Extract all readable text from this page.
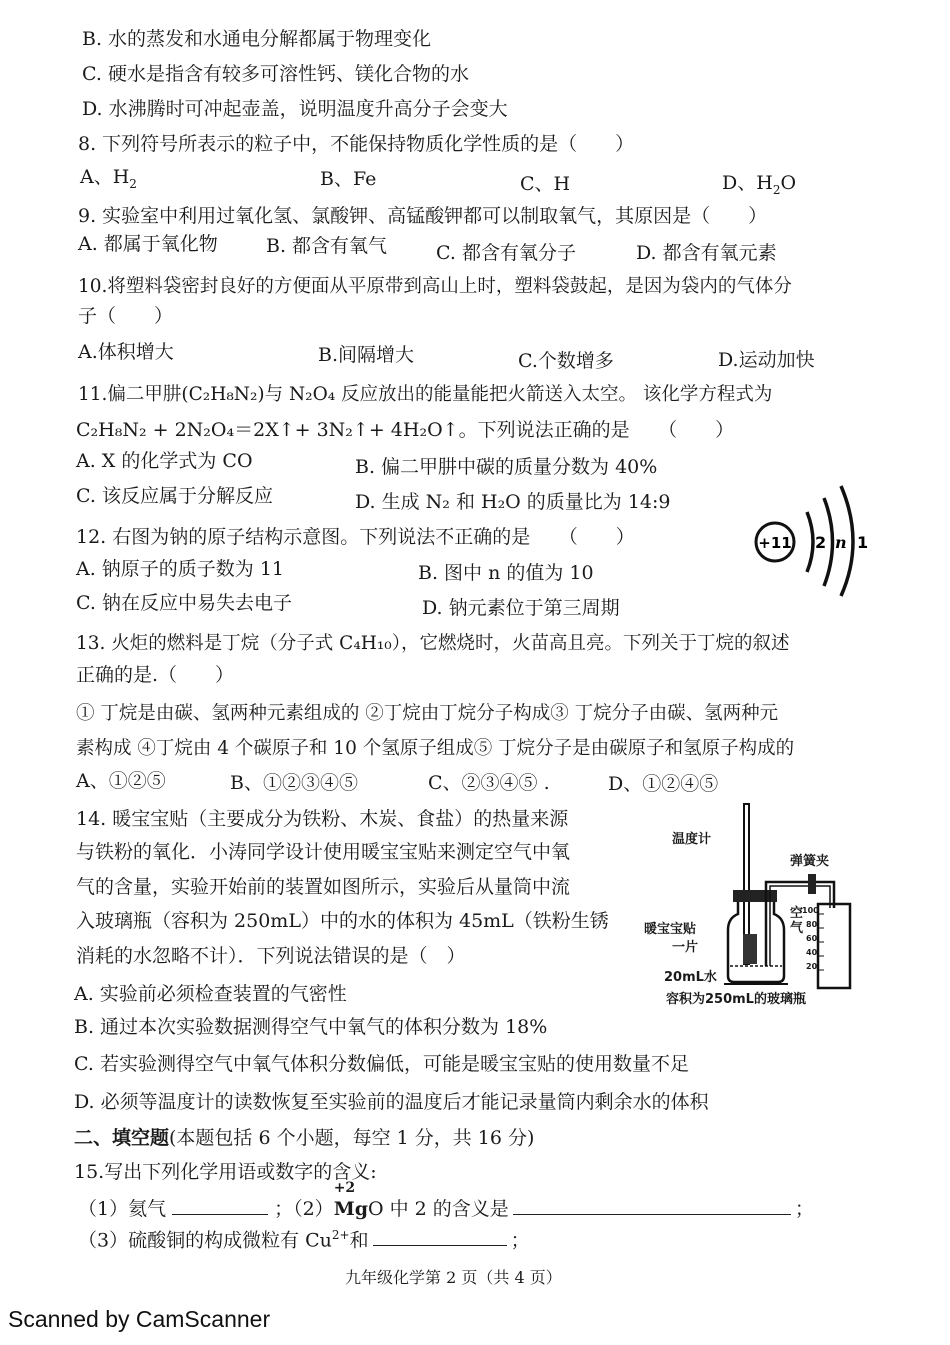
B. 水的蒸发和水通电分解都属于物理变化
C. 硬水是指含有较多可溶性钙、镁化合物的水
D. 水沸腾时可冲起壶盖，说明温度升高分子会变大
8. 下列符号所表示的粒子中，不能保持物质化学性质的是（　　）
A、$H_2$	B、Fe	C、H	D、$H_2O$
9. 实验室中利用过氧化氢、氯酸钾、高锰酸钾都可以制取氧气，其原因是（　　）
A. 都属于氧化物	B. 都含有氧气	C. 都含有氧分子	D. 都含有氧元素
10.将塑料袋密封良好的方便面从平原带到高山上时，塑料袋鼓起，是因为袋内的气体分
子（　　）
A.体积增大	B.间隔增大	C.个数增多	D.运动加快
11.偏二甲肼(C₂H₈N₂)与 N₂O₄ 反应放出的能量能把火箭送入太空。 该化学方程式为
C₂H₈N₂ + 2N₂O₄＝2X↑+ 3N₂↑+ 4H₂O↑。下列说法正确的是　　（　　）
A. X 的化学式为 CO	B. 偏二甲肼中碳的质量分数为 40%
C. 该反应属于分解反应	D. 生成 N₂ 和 H₂O 的质量比为 14:9
12. 右图为钠的原子结构示意图。下列说法不正确的是　　（　　）
A. 钠原子的质子数为 11	B. 图中 n 的值为 10
C. 钠在反应中易失去电子	D. 钠元素位于第三周期
+11 2 n 1
13. 火炬的燃料是丁烷（分子式 C₄H₁₀），它燃烧时，火苗高且亮。下列关于丁烷的叙述
正确的是.（　　）
① 丁烷是由碳、氢两种元素组成的 ②丁烷由丁烷分子构成③ 丁烷分子由碳、氢两种元
素构成 ④丁烷由 4 个碳原子和 10 个氢原子组成⑤ 丁烷分子是由碳原子和氢原子构成的
A、①②⑤	B、①②③④⑤	C、②③④⑤ .	D、①②④⑤
14. 暖宝宝贴（主要成分为铁粉、木炭、食盐）的热量来源
与铁粉的氧化．小涛同学设计使用暖宝宝贴来测定空气中氧
气的含量，实验开始前的装置如图所示，实验后从量筒中流
入玻璃瓶（容积为 250mL）中的水的体积为 45mL（铁粉生锈
消耗的水忽略不计）．下列说法错误的是（　）
A. 实验前必须检查装置的气密性
B. 通过本次实验数据测得空气中氧气的体积分数为 18%
C. 若实验测得空气中氧气体积分数偏低，可能是暖宝宝贴的使用数量不足
D. 必须等温度计的读数恢复至实验前的温度后才能记录量筒内剩余水的体积
温度计
弹簧夹
暖宝宝贴
一片
空气
20mL水
容积为250mL的玻璃瓶
100
80
60
40
20
二、填空题(本题包括 6 个小题，每空 1 分，共 16 分)
15.写出下列化学用语或数字的含义:
（1）氦气	；（2）
+2
MgO 中 2 的含义是	；
（3）硫酸铜的构成微粒有 $Cu^{2+}$和	；
九年级化学第 2 页（共 4 页）
Scanned by CamScanner
